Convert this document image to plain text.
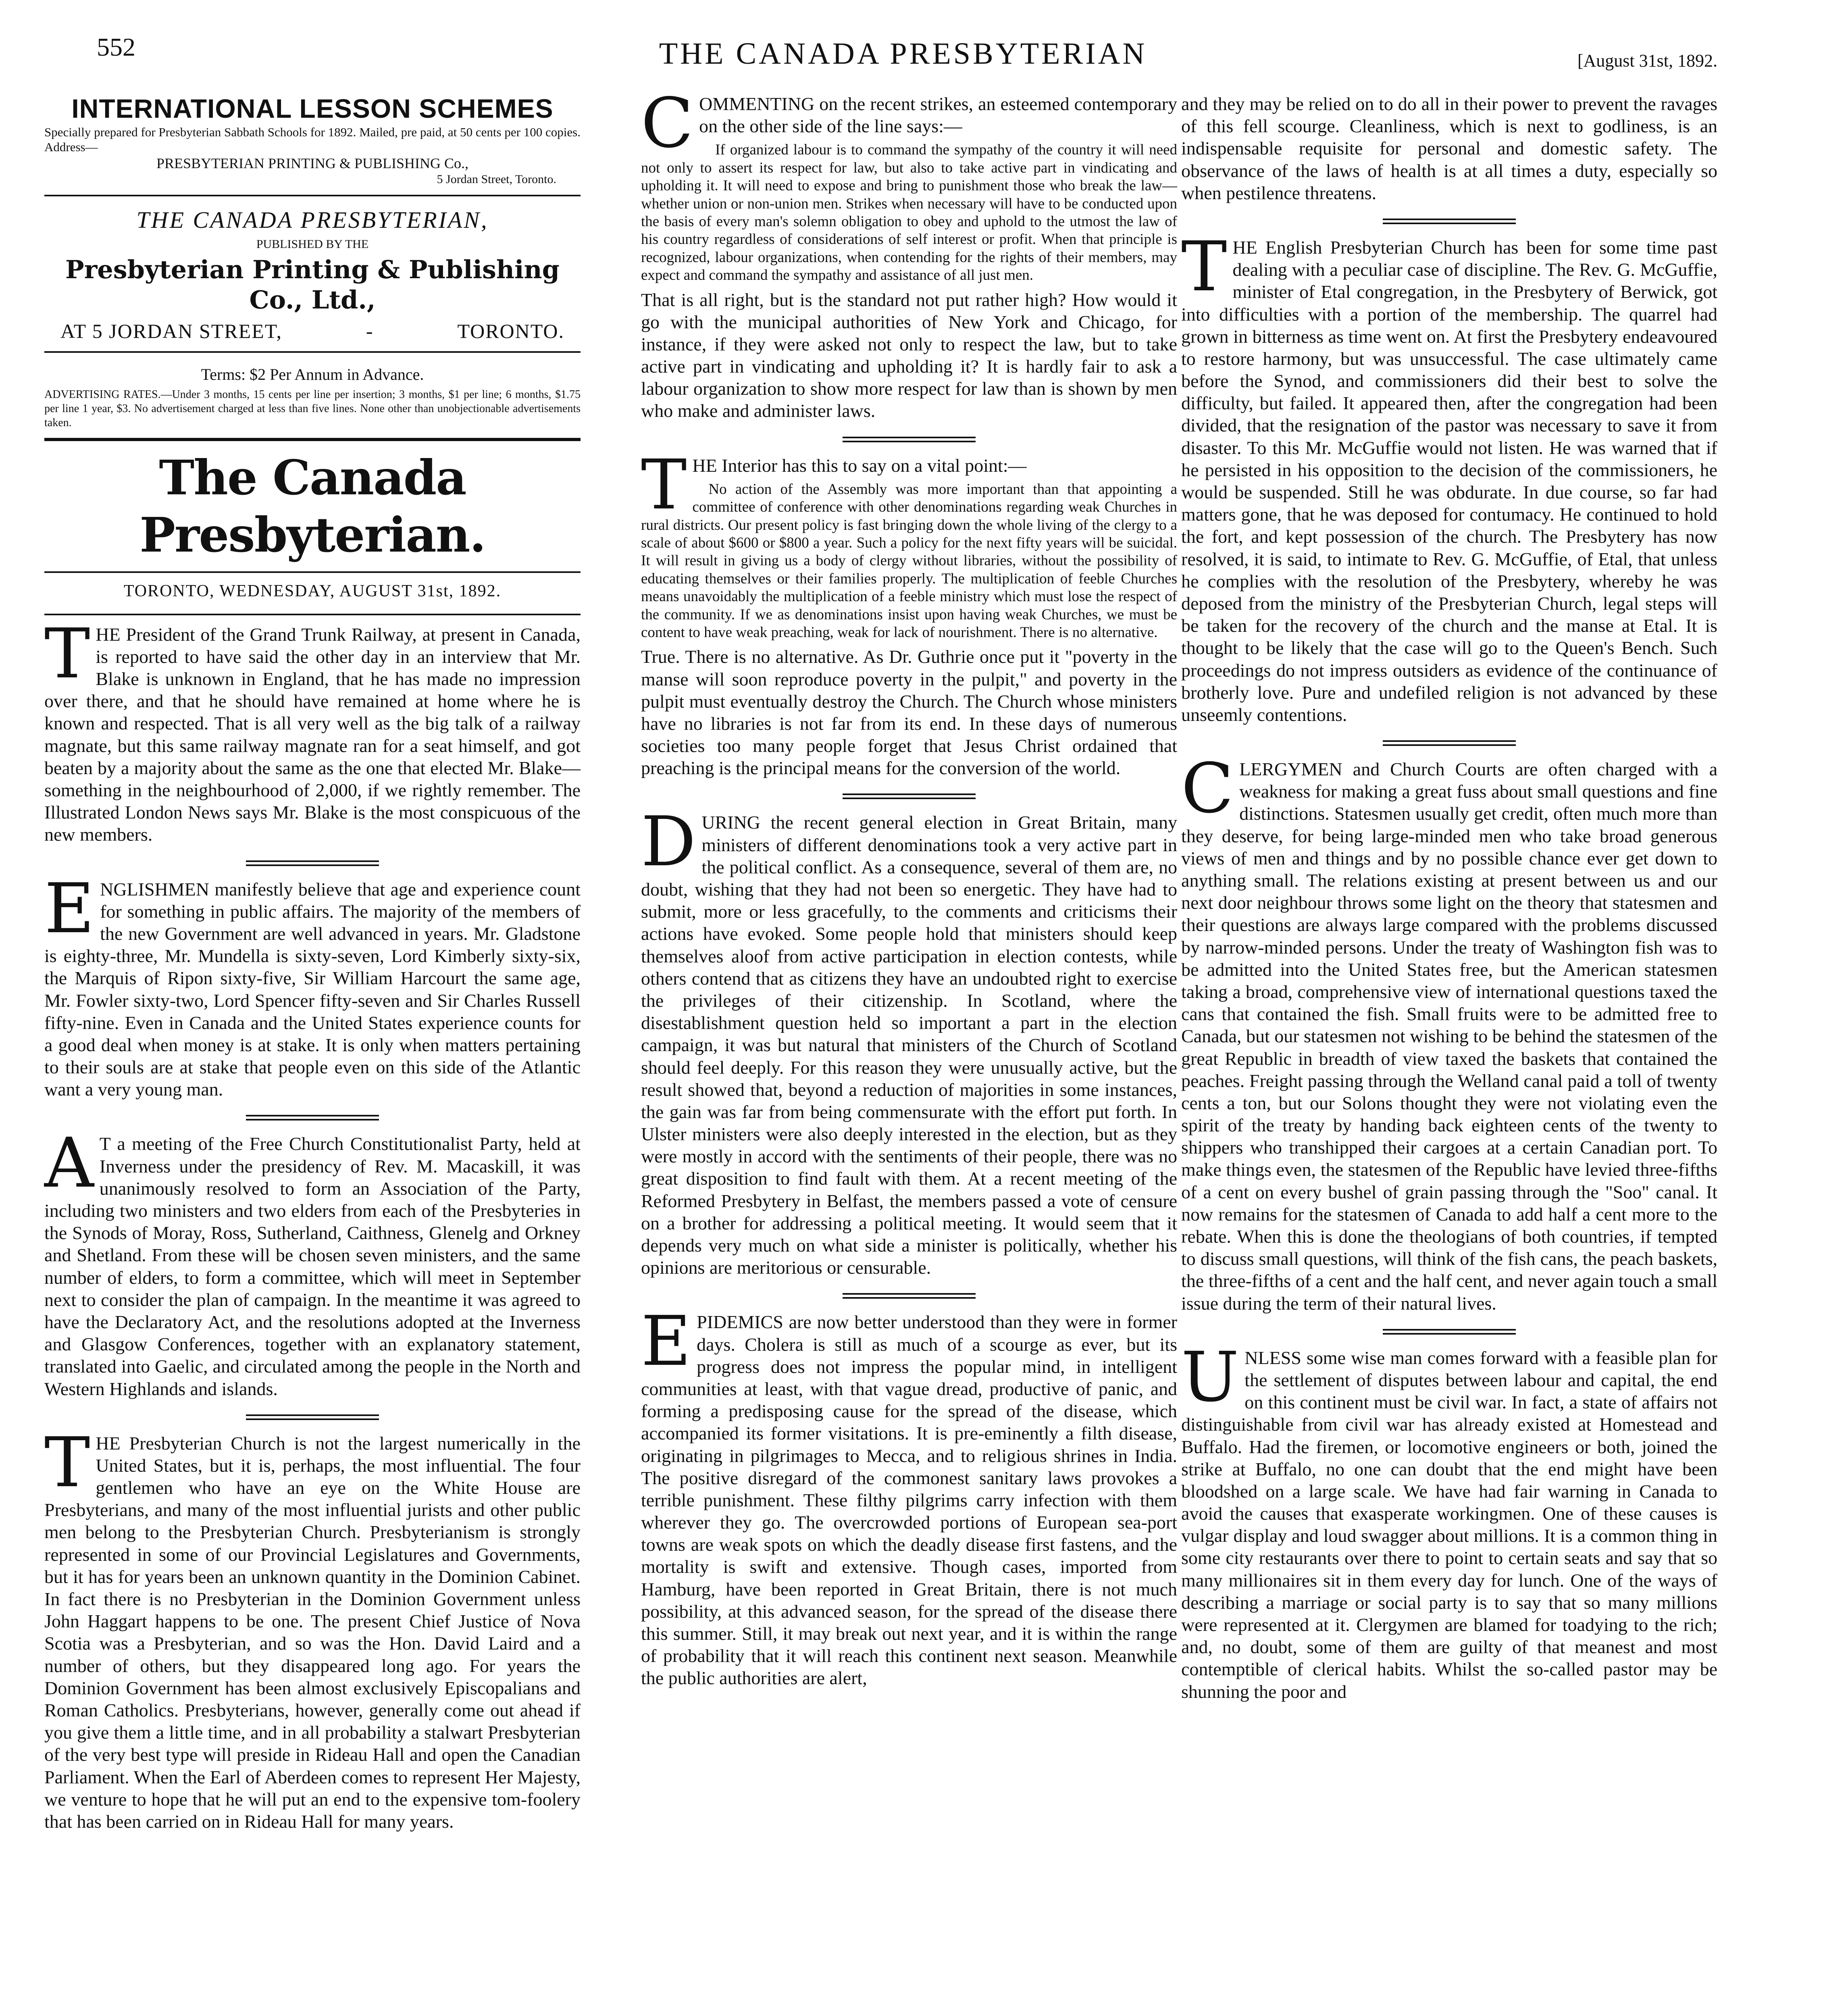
552	THE CANADA PRESBYTERIAN	[August 31st, 1892.
INTERNATIONAL LESSON SCHEMES

Specially prepared for Presbyterian Sabbath Schools for 1892. Mailed, pre paid, at 50 cents per 100 copies. Address—

PRESBYTERIAN PRINTING & PUBLISHING Co.,

5 Jordan Street, Toronto.

THE CANADA PRESBYTERIAN,

PUBLISHED BY THE

Presbyterian Printing & Publishing Co., Ltd.,

AT 5 JORDAN STREET,	-	TORONTO.

Terms: $2 Per Annum in Advance.

ADVERTISING RATES.—Under 3 months, 15 cents per line per insertion; 3 months, $1 per line; 6 months, $1.75 per line 1 year, $3. No advertisement charged at less than five lines. None other than unobjectionable advertisements taken.

The Canada Presbyterian.
TORONTO, WEDNESDAY, AUGUST 31st, 1892.
T HE President of the Grand Trunk Railway, at present in Canada, is reported to have said the other day in an interview that Mr. Blake is unknown in England, that he has made no impression over there, and that he should have remained at home where he is known and respected. That is all very well as the big talk of a railway magnate, but this same railway magnate ran for a seat himself, and got beaten by a majority about the same as the one that elected Mr. Blake—something in the neighbourhood of 2,000, if we rightly remember. The Illustrated London News says Mr. Blake is the most conspicuous of the new members.

E NGLISHMEN manifestly believe that age and experience count for something in public affairs. The majority of the members of the new Government are well advanced in years. Mr. Gladstone is eighty-three, Mr. Mundella is sixty-seven, Lord Kimberly sixty-six, the Marquis of Ripon sixty-five, Sir William Harcourt the same age, Mr. Fowler sixty-two, Lord Spencer fifty-seven and Sir Charles Russell fifty-nine. Even in Canada and the United States experience counts for a good deal when money is at stake. It is only when matters pertaining to their souls are at stake that people even on this side of the Atlantic want a very young man.

A T a meeting of the Free Church Constitutionalist Party, held at Inverness under the presidency of Rev. M. Macaskill, it was unanimously resolved to form an Association of the Party, including two ministers and two elders from each of the Presbyteries in the Synods of Moray, Ross, Sutherland, Caithness, Glenelg and Orkney and Shetland. From these will be chosen seven ministers, and the same number of elders, to form a committee, which will meet in September next to consider the plan of campaign. In the meantime it was agreed to have the Declaratory Act, and the resolutions adopted at the Inverness and Glasgow Conferences, together with an explanatory statement, translated into Gaelic, and circulated among the people in the North and Western Highlands and islands.

T HE Presbyterian Church is not the largest numerically in the United States, but it is, perhaps, the most influential. The four gentlemen who have an eye on the White House are Presbyterians, and many of the most influential jurists and other public men belong to the Presbyterian Church. Presbyterianism is strongly represented in some of our Provincial Legislatures and Governments, but it has for years been an unknown quantity in the Dominion Cabinet. In fact there is no Presbyterian in the Dominion Government unless John Haggart happens to be one. The present Chief Justice of Nova Scotia was a Presbyterian, and so was the Hon. David Laird and a number of others, but they disappeared long ago. For years the Dominion Government has been almost exclusively Episcopalians and Roman Catholics. Presbyterians, however, generally come out ahead if you give them a little time, and in all probability a stalwart Presbyterian of the very best type will preside in Rideau Hall and open the Canadian Parliament. When the Earl of Aberdeen comes to represent Her Majesty, we venture to hope that he will put an end to the expensive tom-foolery that has been carried on in Rideau Hall for many years.

C OMMENTING on the recent strikes, an esteemed contemporary on the other side of the line says:—

If organized labour is to command the sympathy of the country it will need not only to assert its respect for law, but also to take active part in vindicating and upholding it. It will need to expose and bring to punishment those who break the law—whether union or non-union men. Strikes when necessary will have to be conducted upon the basis of every man's solemn obligation to obey and uphold to the utmost the law of his country regardless of considerations of self interest or profit. When that principle is recognized, labour organizations, when contending for the rights of their members, may expect and command the sympathy and assistance of all just men.

That is all right, but is the standard not put rather high? How would it go with the municipal authorities of New York and Chicago, for instance, if they were asked not only to respect the law, but to take active part in vindicating and upholding it? It is hardly fair to ask a labour organization to show more respect for law than is shown by men who make and administer laws.

T HE Interior has this to say on a vital point:—

No action of the Assembly was more important than that appointing a committee of conference with other denominations regarding weak Churches in rural districts. Our present policy is fast bringing down the whole living of the clergy to a scale of about $600 or $800 a year. Such a policy for the next fifty years will be suicidal. It will result in giving us a body of clergy without libraries, without the possibility of educating themselves or their families properly. The multiplication of feeble Churches means unavoidably the multiplication of a feeble ministry which must lose the respect of the community. If we as denominations insist upon having weak Churches, we must be content to have weak preaching, weak for lack of nourishment. There is no alternative.

True. There is no alternative. As Dr. Guthrie once put it "poverty in the manse will soon reproduce poverty in the pulpit," and poverty in the pulpit must eventually destroy the Church. The Church whose ministers have no libraries is not far from its end. In these days of numerous societies too many people forget that Jesus Christ ordained that preaching is the principal means for the conversion of the world.

D URING the recent general election in Great Britain, many ministers of different denominations took a very active part in the political conflict. As a consequence, several of them are, no doubt, wishing that they had not been so energetic. They have had to submit, more or less gracefully, to the comments and criticisms their actions have evoked. Some people hold that ministers should keep themselves aloof from active participation in election contests, while others contend that as citizens they have an undoubted right to exercise the privileges of their citizenship. In Scotland, where the disestablishment question held so important a part in the election campaign, it was but natural that ministers of the Church of Scotland should feel deeply. For this reason they were unusually active, but the result showed that, beyond a reduction of majorities in some instances, the gain was far from being commensurate with the effort put forth. In Ulster ministers were also deeply interested in the election, but as they were mostly in accord with the sentiments of their people, there was no great disposition to find fault with them. At a recent meeting of the Reformed Presbytery in Belfast, the members passed a vote of censure on a brother for addressing a political meeting. It would seem that it depends very much on what side a minister is politically, whether his opinions are meritorious or censurable.

E PIDEMICS are now better understood than they were in former days. Cholera is still as much of a scourge as ever, but its progress does not impress the popular mind, in intelligent communities at least, with that vague dread, productive of panic, and forming a predisposing cause for the spread of the disease, which accompanied its former visitations. It is pre-eminently a filth disease, originating in pilgrimages to Mecca, and to religious shrines in India. The positive disregard of the commonest sanitary laws provokes a terrible punishment. These filthy pilgrims carry infection with them wherever they go. The overcrowded portions of European sea-port towns are weak spots on which the deadly disease first fastens, and the mortality is swift and extensive. Though cases, imported from Hamburg, have been reported in Great Britain, there is not much possibility, at this advanced season, for the spread of the disease there this summer. Still, it may break out next year, and it is within the range of probability that it will reach this continent next season. Meanwhile the public authorities are alert,

and they may be relied on to do all in their power to prevent the ravages of this fell scourge. Cleanliness, which is next to godliness, is an indispensable requisite for personal and domestic safety. The observance of the laws of health is at all times a duty, especially so when pestilence threatens.

T HE English Presbyterian Church has been for some time past dealing with a peculiar case of discipline. The Rev. G. McGuffie, minister of Etal congregation, in the Presbytery of Berwick, got into difficulties with a portion of the membership. The quarrel had grown in bitterness as time went on. At first the Presbytery endeavoured to restore harmony, but was unsuccessful. The case ultimately came before the Synod, and commissioners did their best to solve the difficulty, but failed. It appeared then, after the congregation had been divided, that the resignation of the pastor was necessary to save it from disaster. To this Mr. McGuffie would not listen. He was warned that if he persisted in his opposition to the decision of the commissioners, he would be suspended. Still he was obdurate. In due course, so far had matters gone, that he was deposed for contumacy. He continued to hold the fort, and kept possession of the church. The Presbytery has now resolved, it is said, to intimate to Rev. G. McGuffie, of Etal, that unless he complies with the resolution of the Presbytery, whereby he was deposed from the ministry of the Presbyterian Church, legal steps will be taken for the recovery of the church and the manse at Etal. It is thought to be likely that the case will go to the Queen's Bench. Such proceedings do not impress outsiders as evidence of the continuance of brotherly love. Pure and undefiled religion is not advanced by these unseemly contentions.

C LERGYMEN and Church Courts are often charged with a weakness for making a great fuss about small questions and fine distinctions. Statesmen usually get credit, often much more than they deserve, for being large-minded men who take broad generous views of men and things and by no possible chance ever get down to anything small. The relations existing at present between us and our next door neighbour throws some light on the theory that statesmen and their questions are always large compared with the problems discussed by narrow-minded persons. Under the treaty of Washington fish was to be admitted into the United States free, but the American statesmen taking a broad, comprehensive view of international questions taxed the cans that contained the fish. Small fruits were to be admitted free to Canada, but our statesmen not wishing to be behind the statesmen of the great Republic in breadth of view taxed the baskets that contained the peaches. Freight passing through the Welland canal paid a toll of twenty cents a ton, but our Solons thought they were not violating even the spirit of the treaty by handing back eighteen cents of the twenty to shippers who transhipped their cargoes at a certain Canadian port. To make things even, the statesmen of the Republic have levied three-fifths of a cent on every bushel of grain passing through the "Soo" canal. It now remains for the statesmen of Canada to add half a cent more to the rebate. When this is done the theologians of both countries, if tempted to discuss small questions, will think of the fish cans, the peach baskets, the three-fifths of a cent and the half cent, and never again touch a small issue during the term of their natural lives.

U NLESS some wise man comes forward with a feasible plan for the settlement of disputes between labour and capital, the end on this continent must be civil war. In fact, a state of affairs not distinguishable from civil war has already existed at Homestead and Buffalo. Had the firemen, or locomotive engineers or both, joined the strike at Buffalo, no one can doubt that the end might have been bloodshed on a large scale. We have had fair warning in Canada to avoid the causes that exasperate workingmen. One of these causes is vulgar display and loud swagger about millions. It is a common thing in some city restaurants over there to point to certain seats and say that so many millionaires sit in them every day for lunch. One of the ways of describing a marriage or social party is to say that so many millions were represented at it. Clergymen are blamed for toadying to the rich; and, no doubt, some of them are guilty of that meanest and most contemptible of clerical habits. Whilst the so-called pastor may be shunning the poor and
